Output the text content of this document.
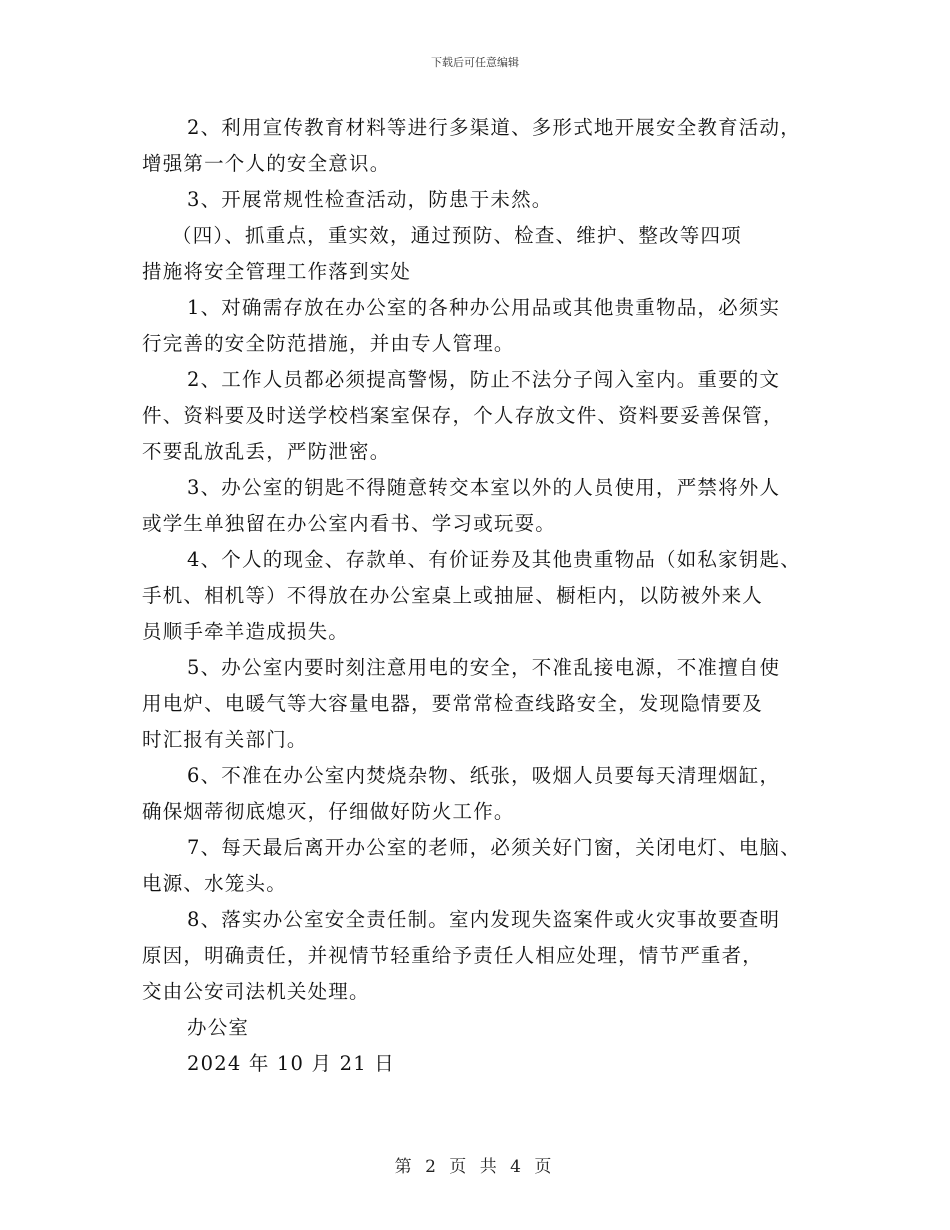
下载后可任意编辑
2、利用宣传教育材料等进行多渠道、多形式地开展安全教育活动，
增强第一个人的安全意识。
3、开展常规性检查活动，防患于未然。
（四）、抓重点，重实效，通过预防、检查、维护、整改等四项
措施将安全管理工作落到实处
1、对确需存放在办公室的各种办公用品或其他贵重物品，必须实
行完善的安全防范措施，并由专人管理。
2、工作人员都必须提高警惕，防止不法分子闯入室内。重要的文
件、资料要及时送学校档案室保存，个人存放文件、资料要妥善保管，
不要乱放乱丢，严防泄密。
3、办公室的钥匙不得随意转交本室以外的人员使用，严禁将外人
或学生单独留在办公室内看书、学习或玩耍。
4、个人的现金、存款单、有价证券及其他贵重物品（如私家钥匙、
手机、相机等）不得放在办公室桌上或抽屉、橱柜内，以防被外来人
员顺手牵羊造成损失。
5、办公室内要时刻注意用电的安全，不准乱接电源，不准擅自使
用电炉、电暖气等大容量电器，要常常检查线路安全，发现隐情要及
时汇报有关部门。
6、不准在办公室内焚烧杂物、纸张，吸烟人员要每天清理烟缸，
确保烟蒂彻底熄灭，仔细做好防火工作。
7、每天最后离开办公室的老师，必须关好门窗，关闭电灯、电脑、
电源、水笼头。
8、落实办公室安全责任制。室内发现失盗案件或火灾事故要查明
原因，明确责任，并视情节轻重给予责任人相应处理，情节严重者，
交由公安司法机关处理。
办公室
2024 年 10 月 21 日
第 2 页 共 4 页
